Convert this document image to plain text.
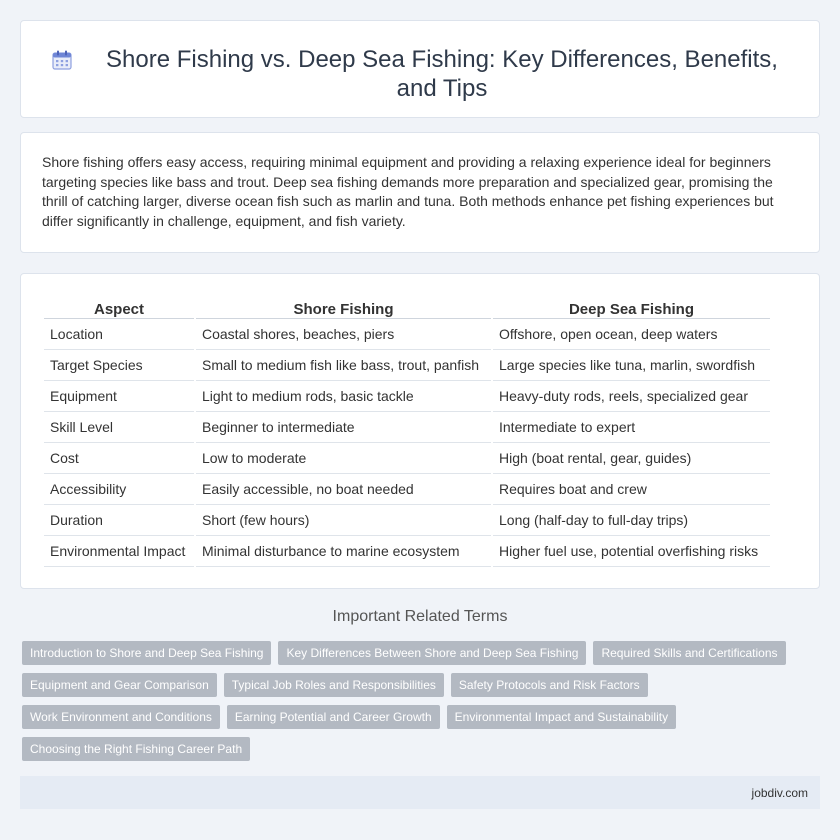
Shore Fishing vs. Deep Sea Fishing: Key Differences, Benefits, and Tips

Shore fishing offers easy access, requiring minimal equipment and providing a relaxing experience ideal for beginners targeting species like bass and trout. Deep sea fishing demands more preparation and specialized gear, promising the thrill of catching larger, diverse ocean fish such as marlin and tuna. Both methods enhance pet fishing experiences but differ significantly in challenge, equipment, and fish variety.

Aspect	Shore Fishing	Deep Sea Fishing
Location	Coastal shores, beaches, piers	Offshore, open ocean, deep waters
Target Species	Small to medium fish like bass, trout, panfish	Large species like tuna, marlin, swordfish
Equipment	Light to medium rods, basic tackle	Heavy-duty rods, reels, specialized gear
Skill Level	Beginner to intermediate	Intermediate to expert
Cost	Low to moderate	High (boat rental, gear, guides)
Accessibility	Easily accessible, no boat needed	Requires boat and crew
Duration	Short (few hours)	Long (half-day to full-day trips)
Environmental Impact	Minimal disturbance to marine ecosystem	Higher fuel use, potential overfishing risks
Important Related Terms
Introduction to Shore and Deep Sea Fishing	Key Differences Between Shore and Deep Sea Fishing	Required Skills and Certifications
Equipment and Gear Comparison	Typical Job Roles and Responsibilities	Safety Protocols and Risk Factors
Work Environment and Conditions	Earning Potential and Career Growth	Environmental Impact and Sustainability
Choosing the Right Fishing Career Path
jobdiv.com
